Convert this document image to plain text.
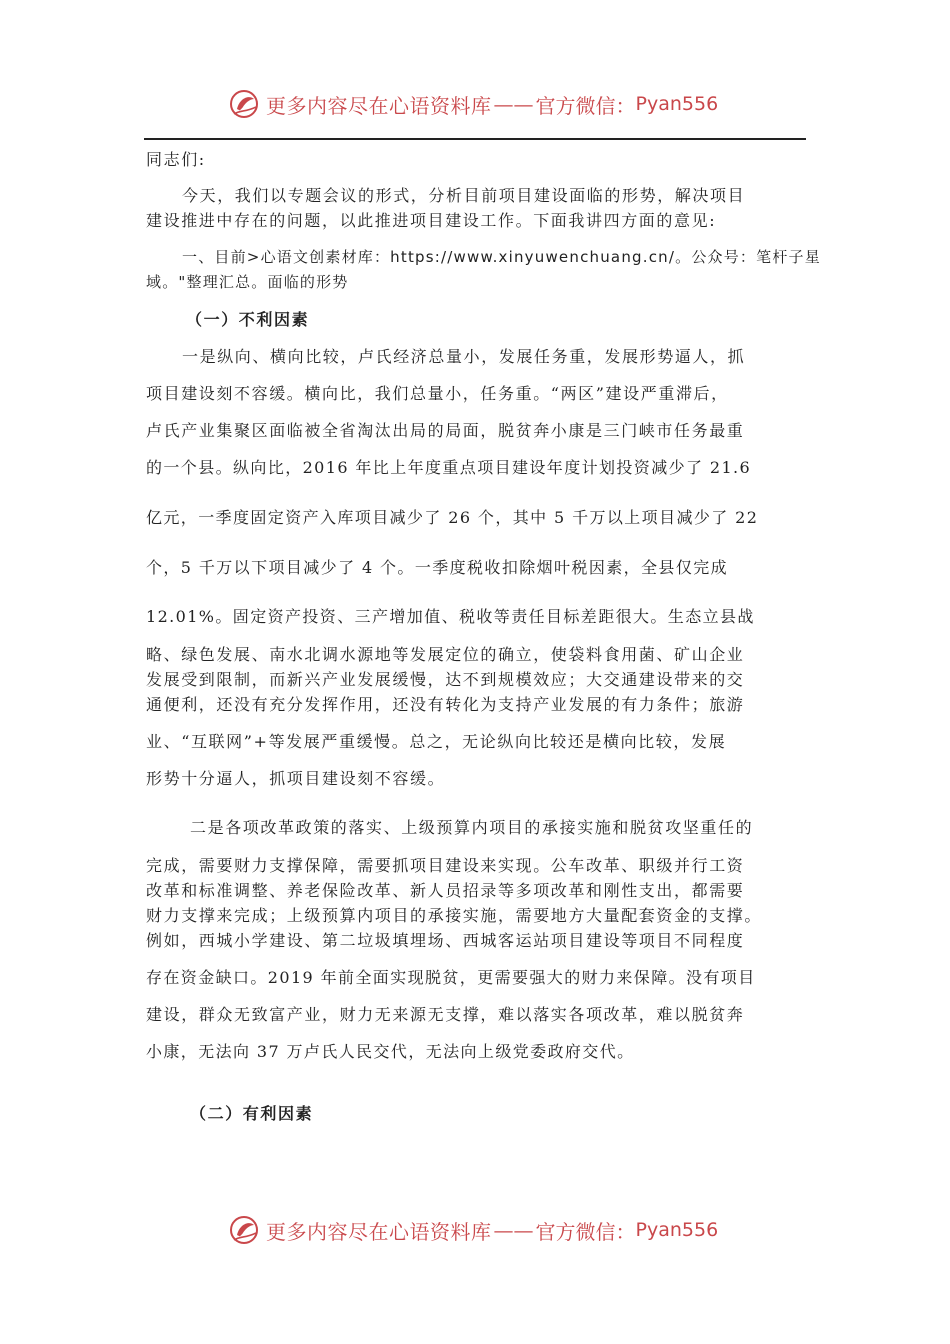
更多内容尽在心语资料库 —— 官方微信： Pyan556
同志们:
今天，我们以专题会议的形式，分析目前项目建设面临的形势，解决项目
建设推进中存在的问题，以此推进项目建设工作。下面我讲四方面的意见:
一、目前>心语文创素材库：https://www.xinyuwenchuang.cn/。公众号：笔杆子星
域。"整理汇总。面临的形势
（一）不利因素
一是纵向、横向比较，卢氏经济总量小，发展任务重，发展形势逼人，抓
项目建设刻不容缓。横向比，我们总量小，任务重。“两区”建设严重滞后，
卢氏产业集聚区面临被全省淘汰出局的局面，脱贫奔小康是三门峡市任务最重
的一个县。纵向比，2016 年比上年度重点项目建设年度计划投资减少了 21.6
亿元，一季度固定资产入库项目减少了 26 个，其中 5 千万以上项目减少了 22
个，5 千万以下项目减少了 4 个。一季度税收扣除烟叶税因素，全县仅完成
12.01%。固定资产投资、三产增加值、税收等责任目标差距很大。生态立县战
略、绿色发展、南水北调水源地等发展定位的确立，使袋料食用菌、矿山企业
发展受到限制，而新兴产业发展缓慢，达不到规模效应；大交通建设带来的交
通便利，还没有充分发挥作用，还没有转化为支持产业发展的有力条件；旅游
业、“互联网”+等发展严重缓慢。总之，无论纵向比较还是横向比较，发展
形势十分逼人，抓项目建设刻不容缓。
二是各项改革政策的落实、上级预算内项目的承接实施和脱贫攻坚重任的
完成，需要财力支撑保障，需要抓项目建设来实现。公车改革、职级并行工资
改革和标准调整、养老保险改革、新人员招录等多项改革和刚性支出，都需要
财力支撑来完成；上级预算内项目的承接实施，需要地方大量配套资金的支撑。
例如，西城小学建设、第二垃圾填埋场、西城客运站项目建设等项目不同程度
存在资金缺口。2019 年前全面实现脱贫，更需要强大的财力来保障。没有项目
建设，群众无致富产业，财力无来源无支撑，难以落实各项改革，难以脱贫奔
小康，无法向 37 万卢氏人民交代，无法向上级党委政府交代。
（二）有利因素
更多内容尽在心语资料库 —— 官方微信： Pyan556
